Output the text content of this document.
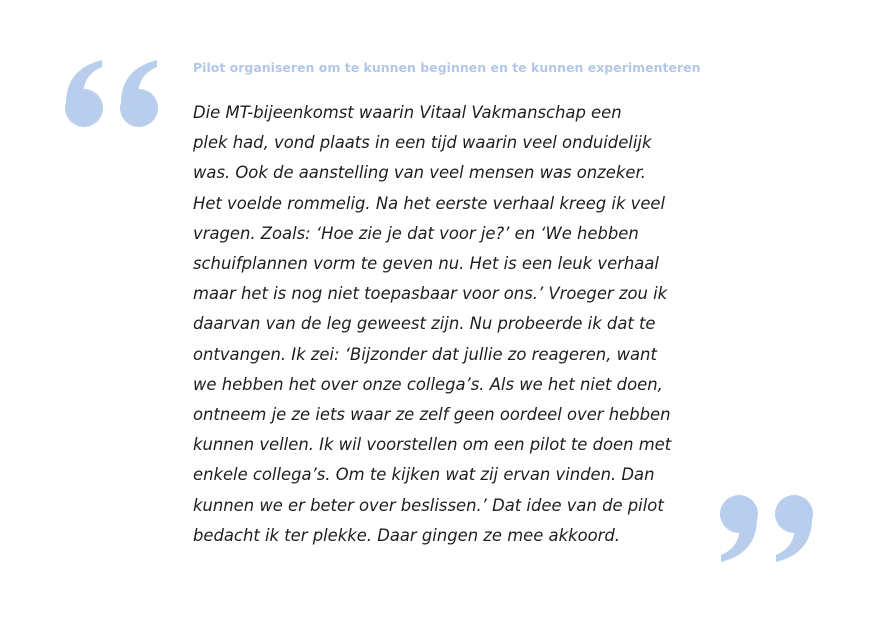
Pilot organiseren om te kunnen beginnen en te kunnen experimenteren
Die MT-bijeenkomst waarin Vitaal Vakmanschap een
plek had, vond plaats in een tijd waarin veel onduidelijk
was. Ook de aanstelling van veel mensen was onzeker.
Het voelde rommelig. Na het eerste verhaal kreeg ik veel
vragen. Zoals: ‘Hoe zie je dat voor je?’ en ‘We hebben
schuifplannen vorm te geven nu. Het is een leuk verhaal
maar het is nog niet toepasbaar voor ons.’ Vroeger zou ik
daarvan van de leg geweest zijn. Nu probeerde ik dat te
ontvangen. Ik zei: ‘Bijzonder dat jullie zo reageren, want
we hebben het over onze collega’s. Als we het niet doen,
ontneem je ze iets waar ze zelf geen oordeel over hebben
kunnen vellen. Ik wil voorstellen om een pilot te doen met
enkele collega’s. Om te kijken wat zij ervan vinden. Dan
kunnen we er beter over beslissen.’ Dat idee van de pilot
bedacht ik ter plekke. Daar gingen ze mee akkoord.
